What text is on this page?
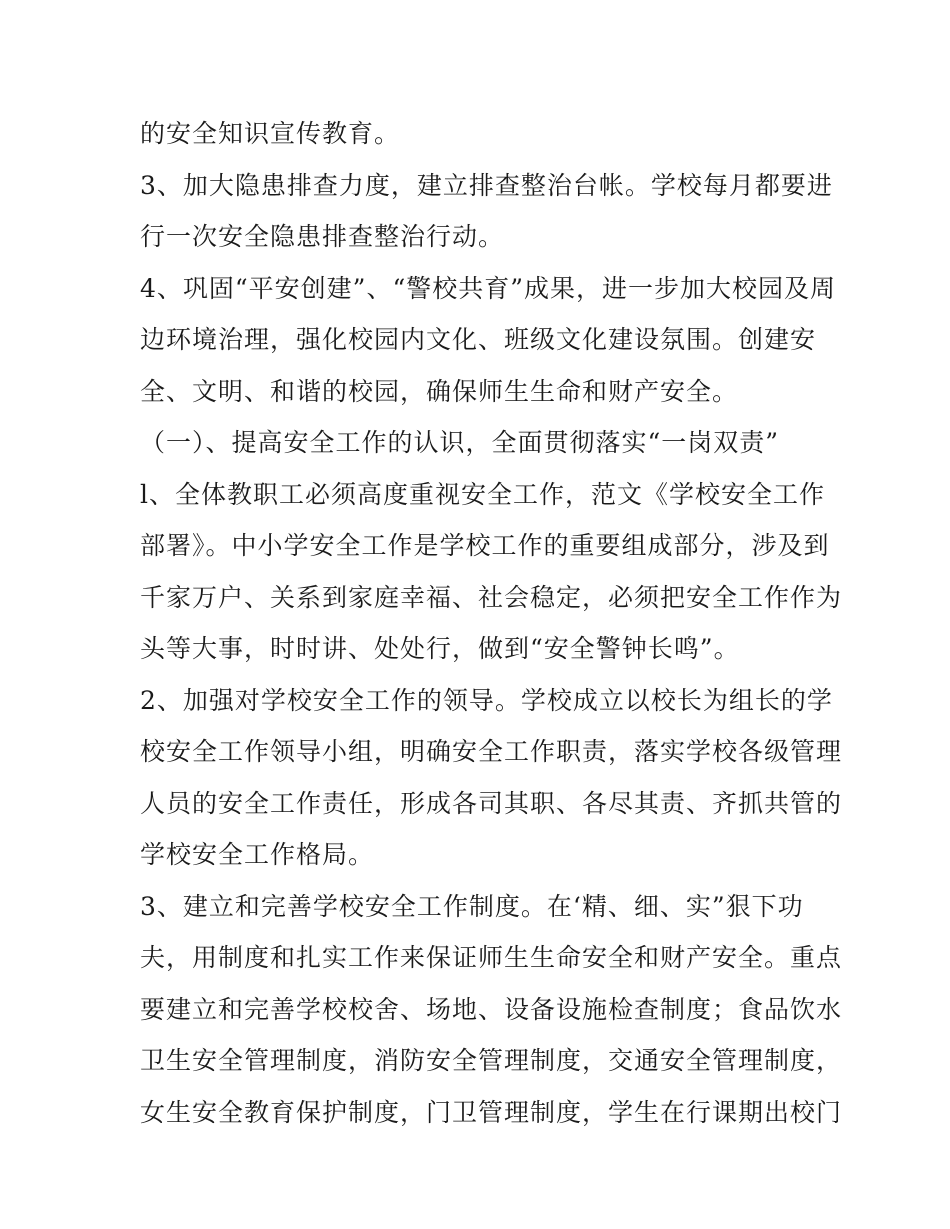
的安全知识宣传教育。
3、加大隐患排查力度，建立排查整治台帐。学校每月都要进
行一次安全隐患排查整治行动。
4、巩固“平安创建”、“警校共育”成果，进一步加大校园及周
边环境治理，强化校园内文化、班级文化建设氛围。创建安
全、文明、和谐的校园，确保师生生命和财产安全。
（一）、提高安全工作的认识，全面贯彻落实“一岗双责”
l、全体教职工必须高度重视安全工作，范文《学校安全工作
部署》。中小学安全工作是学校工作的重要组成部分，涉及到
千家万户、关系到家庭幸福、社会稳定，必须把安全工作作为
头等大事，时时讲、处处行，做到“安全警钟长鸣”。
2、加强对学校安全工作的领导。学校成立以校长为组长的学
校安全工作领导小组，明确安全工作职责，落实学校各级管理
人员的安全工作责任，形成各司其职、各尽其责、齐抓共管的
学校安全工作格局。
3、建立和完善学校安全工作制度。在‘精、细、实”狠下功
夫，用制度和扎实工作来保证师生生命安全和财产安全。重点
要建立和完善学校校舍、场地、设备设施检查制度；食品饮水
卫生安全管理制度，消防安全管理制度，交通安全管理制度，
女生安全教育保护制度，门卫管理制度，学生在行课期出校门
